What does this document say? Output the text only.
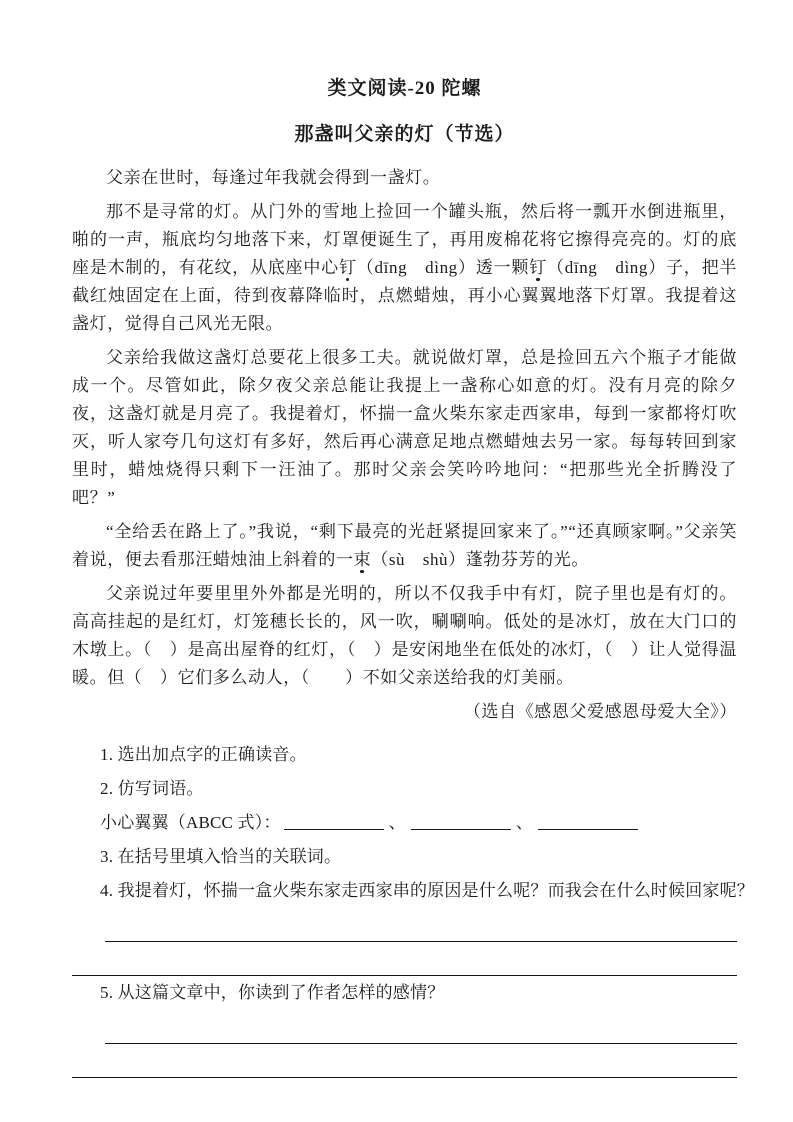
类文阅读-20 陀螺
那盏叫父亲的灯（节选）

父亲在世时，每逢过年我就会得到一盏灯。

那不是寻常的灯。从门外的雪地上捡回一个罐头瓶，然后将一瓢开水倒进瓶里，啪的一声，瓶底均匀地落下来，灯罩便诞生了，再用废棉花将它擦得亮亮的。灯的底座是木制的，有花纹，从底座中心钉（dīng　dìng）透一颗钉（dīng　dìng）子，把半截红烛固定在上面，待到夜幕降临时，点燃蜡烛，再小心翼翼地落下灯罩。我提着这盏灯，觉得自己风光无限。

父亲给我做这盏灯总要花上很多工夫。就说做灯罩，总是捡回五六个瓶子才能做成一个。尽管如此，除夕夜父亲总能让我提上一盏称心如意的灯。没有月亮的除夕夜，这盏灯就是月亮了。我提着灯，怀揣一盒火柴东家走西家串，每到一家都将灯吹灭，听人家夸几句这灯有多好，然后再心满意足地点燃蜡烛去另一家。每每转回到家里时，蜡烛烧得只剩下一汪油了。那时父亲会笑吟吟地问：“把那些光全折腾没了吧？”

“全给丢在路上了。”我说，“剩下最亮的光赶紧提回家来了。”“还真顾家啊。”父亲笑着说，便去看那汪蜡烛油上斜着的一束（sù　shù）蓬勃芬芳的光。

父亲说过年要里里外外都是光明的，所以不仅我手中有灯，院子里也是有灯的。高高挂起的是红灯，灯笼穗长长的，风一吹，唰唰响。低处的是冰灯，放在大门口的木墩上。（　）是高出屋脊的红灯，（　）是安闲地坐在低处的冰灯，（　）让人觉得温暖。但（　）它们多么动人，（　　）不如父亲送给我的灯美丽。

（选自《感恩父爱感恩母爱大全》）

1. 选出加点字的正确读音。

2. 仿写词语。

小心翼翼（ABCC 式）：	、	、

3. 在括号里填入恰当的关联词。

4. 我提着灯，怀揣一盒火柴东家走西家串的原因是什么呢？而我会在什么时候回家呢？

5. 从这篇文章中，你读到了作者怎样的感情？
